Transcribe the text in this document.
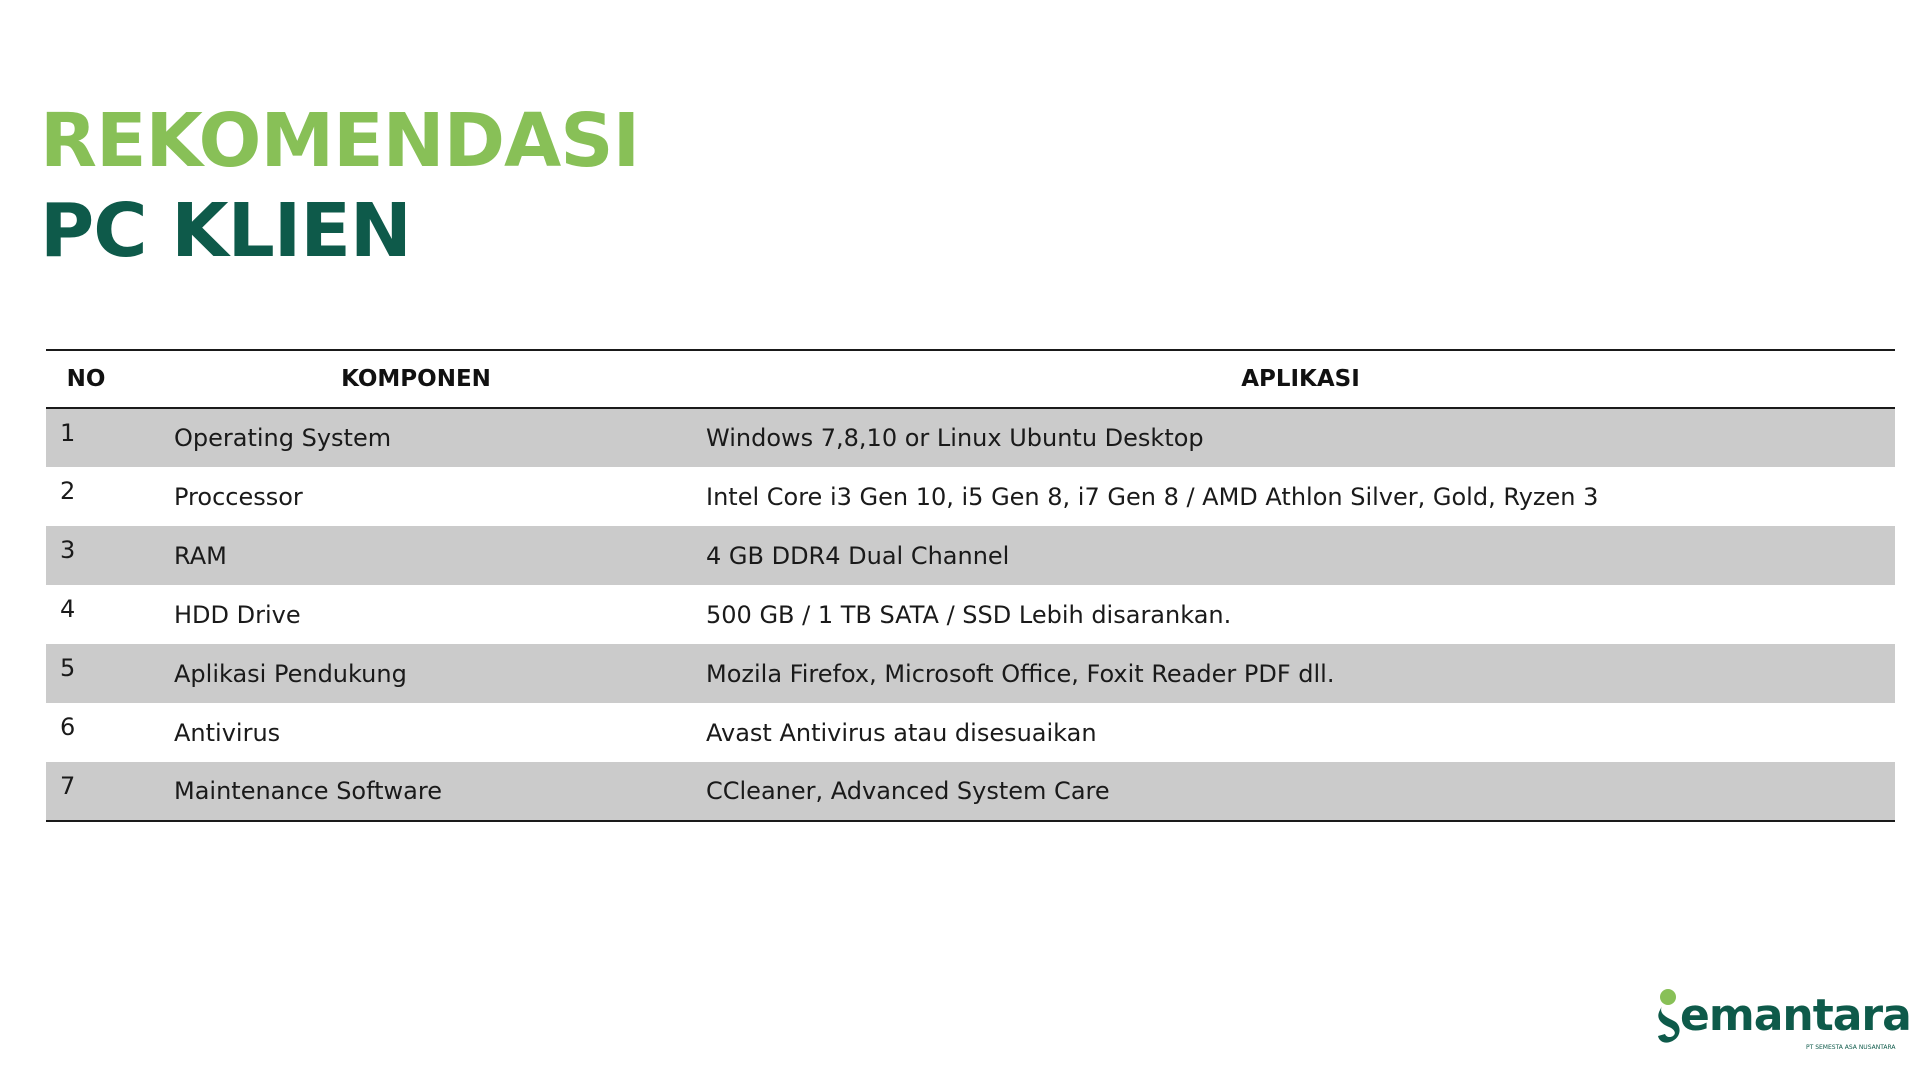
REKOMENDASI
PC KLIEN
NO	KOMPONEN	APLIKASI
1	Operating System	Windows 7,8,10 or Linux Ubuntu Desktop
2	Proccessor	Intel Core i3 Gen 10, i5 Gen 8, i7 Gen 8 / AMD Athlon Silver, Gold, Ryzen 3
3	RAM	4 GB DDR4 Dual Channel
4	HDD Drive	500 GB / 1 TB SATA / SSD Lebih disarankan.
5	Aplikasi Pendukung	Mozila Firefox, Microsoft Office, Foxit Reader PDF dll.
6	Antivirus	Avast Antivirus atau disesuaikan
7	Maintenance Software	CCleaner, Advanced System Care
emantara
PT SEMESTA ASA NUSANTARA
